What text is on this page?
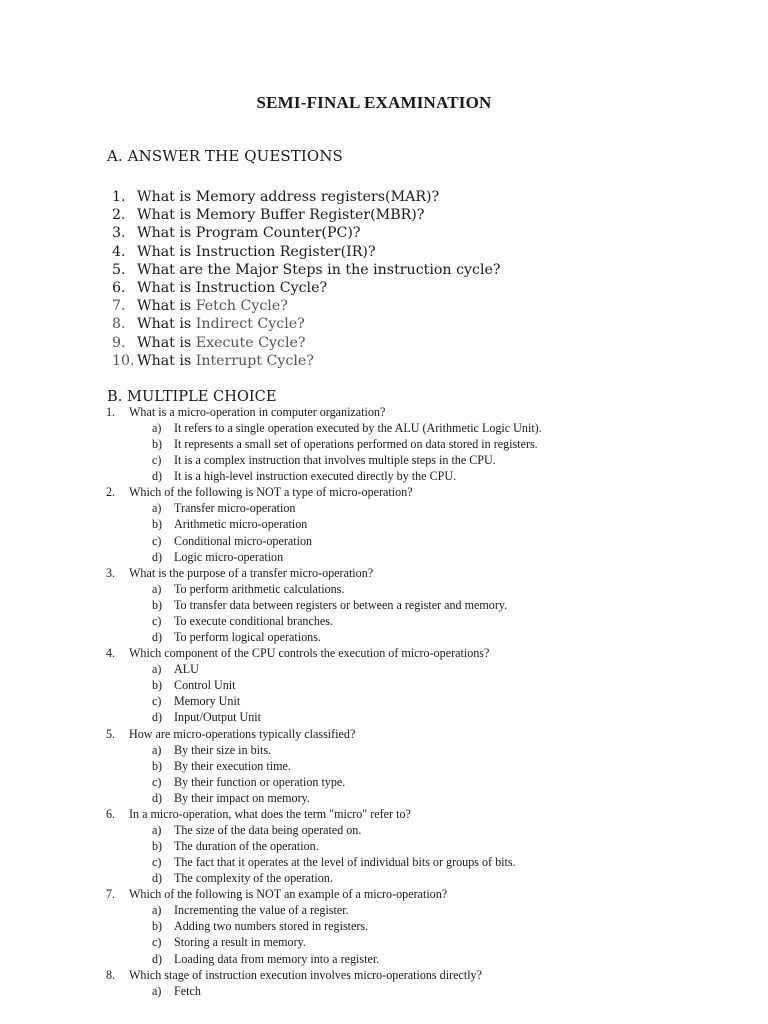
SEMI-FINAL EXAMINATION
A. ANSWER THE QUESTIONS
1. What is Memory address registers(MAR)?
2. What is Memory Buffer Register(MBR)?
3. What is Program Counter(PC)?
4. What is Instruction Register(IR)?
5. What are the Major Steps in the instruction cycle?
6. What is Instruction Cycle?
7. What is Fetch Cycle?
8. What is Indirect Cycle?
9. What is Execute Cycle?
10. What is Interrupt Cycle?
B. MULTIPLE CHOICE
1. What is a micro-operation in computer organization?
a) It refers to a single operation executed by the ALU (Arithmetic Logic Unit).
b) It represents a small set of operations performed on data stored in registers.
c) It is a complex instruction that involves multiple steps in the CPU.
d) It is a high-level instruction executed directly by the CPU.
2. Which of the following is NOT a type of micro-operation?
a) Transfer micro-operation
b) Arithmetic micro-operation
c) Conditional micro-operation
d) Logic micro-operation
3. What is the purpose of a transfer micro-operation?
a) To perform arithmetic calculations.
b) To transfer data between registers or between a register and memory.
c) To execute conditional branches.
d) To perform logical operations.
4. Which component of the CPU controls the execution of micro-operations?
a) ALU
b) Control Unit
c) Memory Unit
d) Input/Output Unit
5. How are micro-operations typically classified?
a) By their size in bits.
b) By their execution time.
c) By their function or operation type.
d) By their impact on memory.
6. In a micro-operation, what does the term "micro" refer to?
a) The size of the data being operated on.
b) The duration of the operation.
c) The fact that it operates at the level of individual bits or groups of bits.
d) The complexity of the operation.
7. Which of the following is NOT an example of a micro-operation?
a) Incrementing the value of a register.
b) Adding two numbers stored in registers.
c) Storing a result in memory.
d) Loading data from memory into a register.
8. Which stage of instruction execution involves micro-operations directly?
a) Fetch
